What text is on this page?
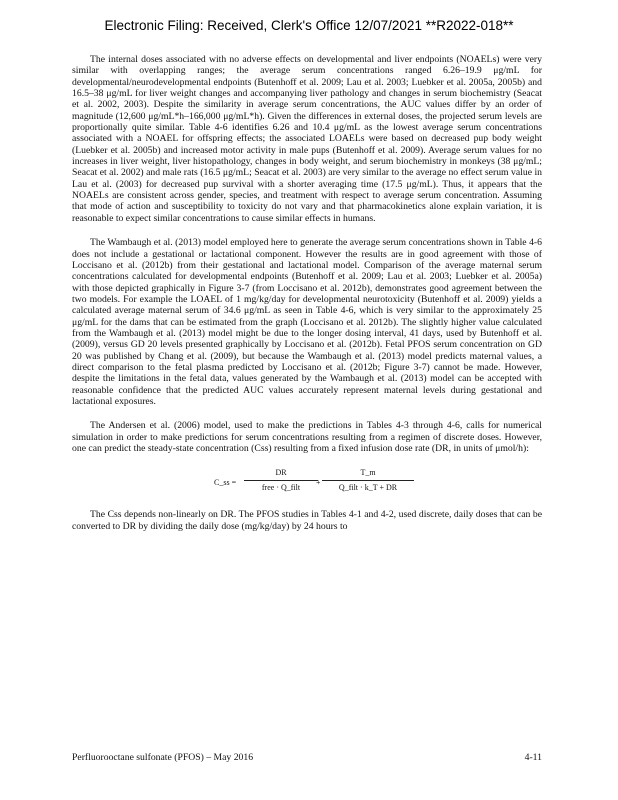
Electronic Filing: Received, Clerk's Office 12/07/2021 **R2022-018**

The internal doses associated with no adverse effects on developmental and liver endpoints (NOAELs) were very similar with overlapping ranges; the average serum concentrations ranged 6.26–19.9 μg/mL for developmental/neurodevelopmental endpoints (Butenhoff et al. 2009; Lau et al. 2003; Luebker et al. 2005a, 2005b) and 16.5–38 μg/mL for liver weight changes and accompanying liver pathology and changes in serum biochemistry (Seacat et al. 2002, 2003). Despite the similarity in average serum concentrations, the AUC values differ by an order of magnitude (12,600 μg/mL*h–166,000 μg/mL*h). Given the differences in external doses, the projected serum levels are proportionally quite similar. Table 4-6 identifies 6.26 and 10.4 μg/mL as the lowest average serum concentrations associated with a NOAEL for offspring effects; the associated LOAELs were based on decreased pup body weight (Luebker et al. 2005b) and increased motor activity in male pups (Butenhoff et al. 2009). Average serum values for no increases in liver weight, liver histopathology, changes in body weight, and serum biochemistry in monkeys (38 μg/mL; Seacat et al. 2002) and male rats (16.5 μg/mL; Seacat et al. 2003) are very similar to the average no effect serum value in Lau et al. (2003) for decreased pup survival with a shorter averaging time (17.5 μg/mL). Thus, it appears that the NOAELs are consistent across gender, species, and treatment with respect to average serum concentration. Assuming that mode of action and susceptibility to toxicity do not vary and that pharmacokinetics alone explain variation, it is reasonable to expect similar concentrations to cause similar effects in humans.

The Wambaugh et al. (2013) model employed here to generate the average serum concentrations shown in Table 4-6 does not include a gestational or lactational component. However the results are in good agreement with those of Loccisano et al. (2012b) from their gestational and lactational model. Comparison of the average maternal serum concentrations calculated for developmental endpoints (Butenhoff et al. 2009; Lau et al. 2003; Luebker et al. 2005a) with those depicted graphically in Figure 3-7 (from Loccisano et al. 2012b), demonstrates good agreement between the two models. For example the LOAEL of 1 mg/kg/day for developmental neurotoxicity (Butenhoff et al. 2009) yields a calculated average maternal serum of 34.6 μg/mL as seen in Table 4-6, which is very similar to the approximately 25 μg/mL for the dams that can be estimated from the graph (Loccisano et al. 2012b). The slightly higher value calculated from the Wambaugh et al. (2013) model might be due to the longer dosing interval, 41 days, used by Butenhoff et al. (2009), versus GD 20 levels presented graphically by Loccisano et al. (2012b). Fetal PFOS serum concentration on GD 20 was published by Chang et al. (2009), but because the Wambaugh et al. (2013) model predicts maternal values, a direct comparison to the fetal plasma predicted by Loccisano et al. (2012b; Figure 3-7) cannot be made. However, despite the limitations in the fetal data, values generated by the Wambaugh et al. (2013) model can be accepted with reasonable confidence that the predicted AUC values accurately represent maternal levels during gestational and lactational exposures.

The Andersen et al. (2006) model, used to make the predictions in Tables 4-3 through 4-6, calls for numerical simulation in order to make predictions for serum concentrations resulting from a regimen of discrete doses. However, one can predict the steady-state concentration (Css) resulting from a fixed infusion dose rate (DR, in units of μmol/h):

C_ss =
DR
free · Q_filt	+
T_m
Q_filt · k_T + DR

The Css depends non-linearly on DR. The PFOS studies in Tables 4-1 and 4-2, used discrete, daily doses that can be converted to DR by dividing the daily dose (mg/kg/day) by 24 hours to

Perfluorooctane sulfonate (PFOS) – May 2016	4-11
